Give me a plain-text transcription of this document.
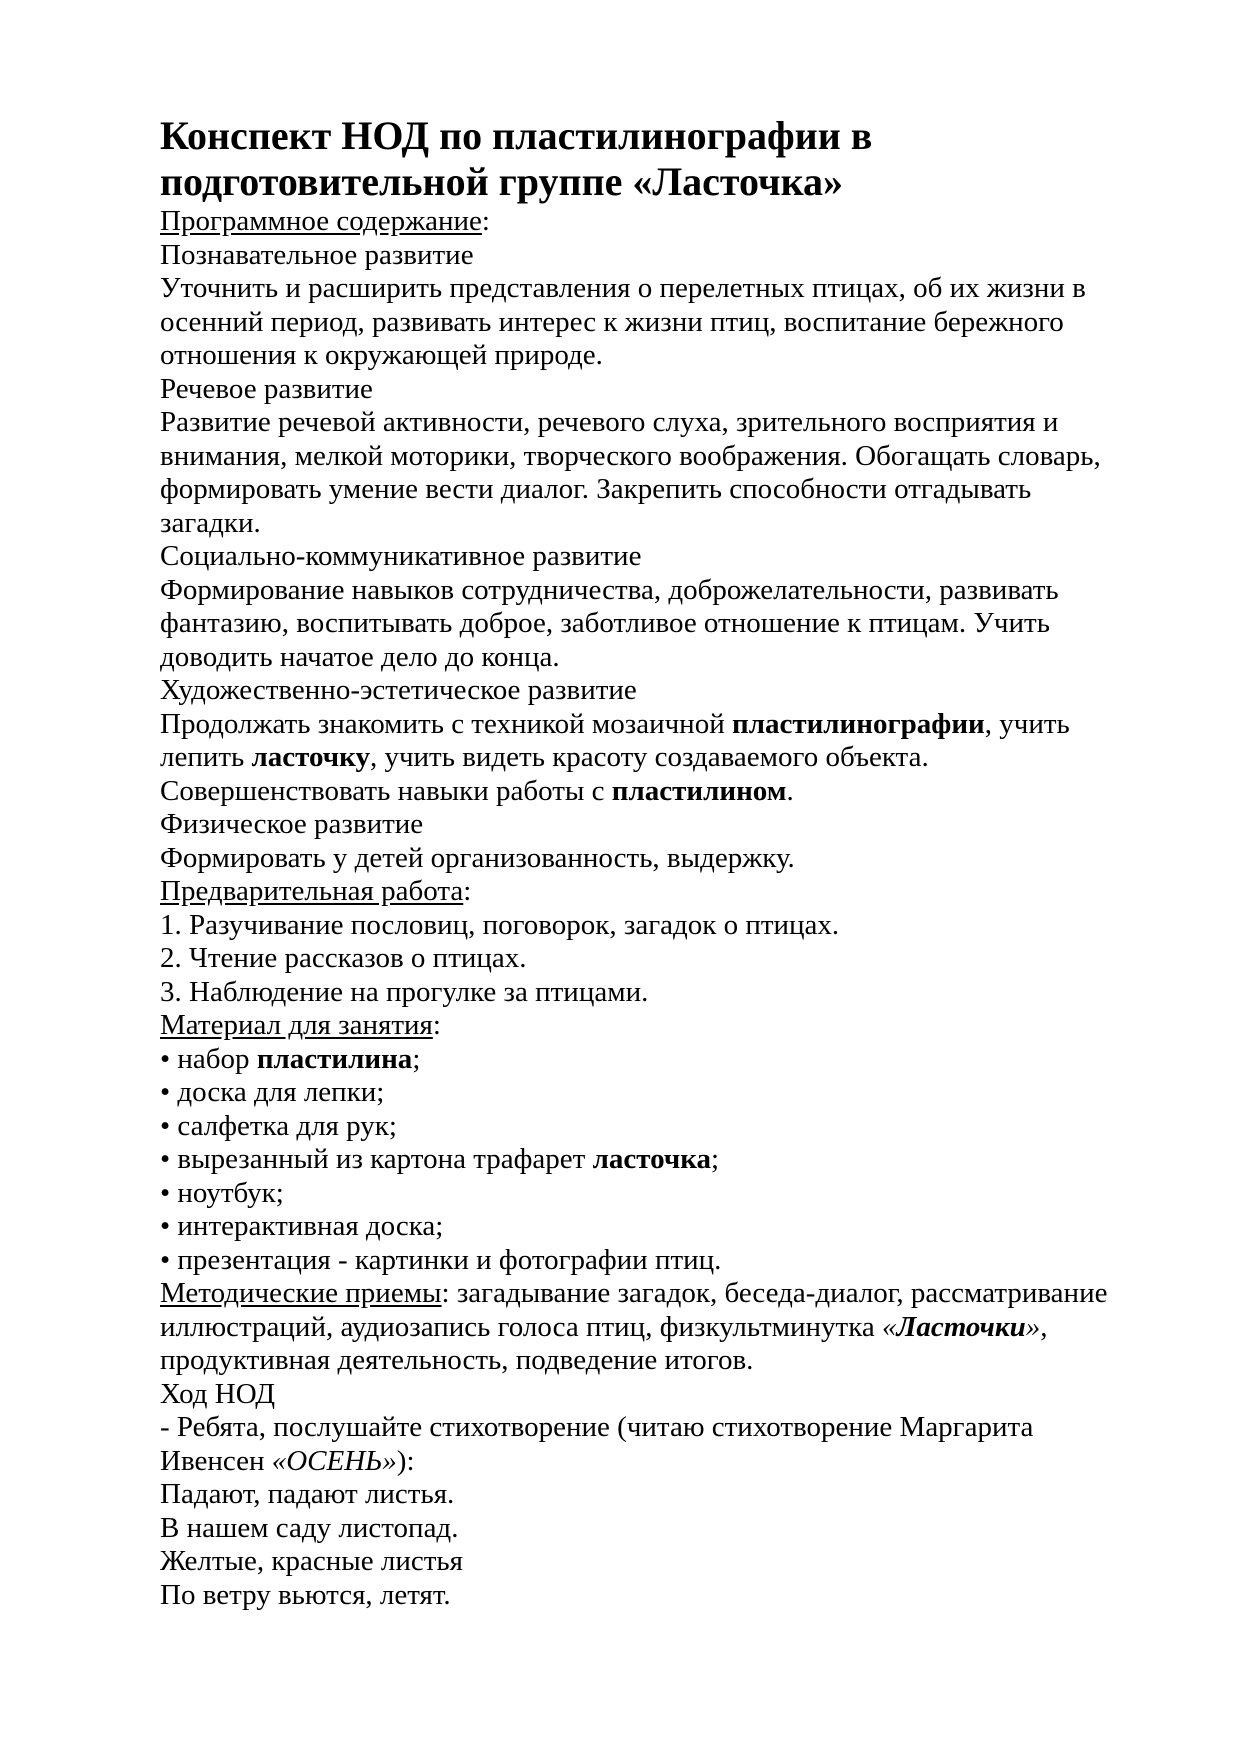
Конспект НОД по пластилинографии в подготовительной группе «Ласточка»

Программное содержание:

Познавательное развитие

Уточнить и расширить представления о перелетных птицах, об их жизни в осенний период, развивать интерес к жизни птиц, воспитание бережного отношения к окружающей природе.

Речевое развитие

Развитие речевой активности, речевого слуха, зрительного восприятия и внимания, мелкой моторики, творческого воображения. Обогащать словарь, формировать умение вести диалог. Закрепить способности отгадывать загадки.

Социально-коммуникативное развитие

Формирование навыков сотрудничества, доброжелательности, развивать фантазию, воспитывать доброе, заботливое отношение к птицам. Учить доводить начатое дело до конца.

Художественно-эстетическое развитие

Продолжать знакомить с техникой мозаичной пластилинографии, учить лепить ласточку, учить видеть красоту создаваемого объекта.

Совершенствовать навыки работы с пластилином.

Физическое развитие

Формировать у детей организованность, выдержку.

Предварительная работа:

1. Разучивание пословиц, поговорок, загадок о птицах.

2. Чтение рассказов о птицах.

3. Наблюдение на прогулке за птицами.

Материал для занятия:

• набор пластилина;

• доска для лепки;

• салфетка для рук;

• вырезанный из картона трафарет ласточка;

• ноутбук;

• интерактивная доска;

• презентация - картинки и фотографии птиц.

Методические приемы: загадывание загадок, беседа-диалог, рассматривание иллюстраций, аудиозапись голоса птиц, физкультминутка «Ласточки», продуктивная деятельность, подведение итогов.

Ход НОД

- Ребята, послушайте стихотворение (читаю стихотворение Маргарита Ивенсен «ОСЕНЬ»):

Падают, падают листья.

В нашем саду листопад.

Желтые, красные листья

По ветру вьются, летят.
